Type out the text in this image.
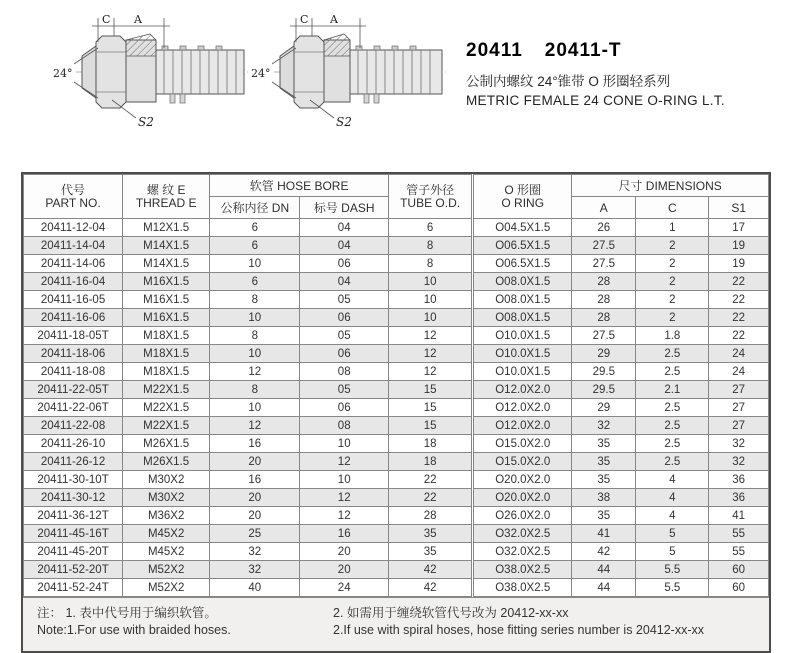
C A
24°
S2
C A
24°
S2
20411 20411-T
公制内螺纹 24°锥带 O 形圈轻系列
METRIC FEMALE 24 CONE O-RING L.T.
代号
PART NO.

螺 纹 E
THREAD E
	软管 HOSE BORE	管子外径
TUBE O.D.

O 形圈
O RING
	尺寸 DIMENSIONS
		公称内径 DN	标号 DASH			A	C	S1
20411-12-04	M12X1.5	6	04	6	O04.5X1.5	26	1	17
20411-14-04	M14X1.5	6	04	8	O06.5X1.5	27.5	2	19
20411-14-06	M14X1.5	10	06	8	O06.5X1.5	27.5	2	19
20411-16-04	M16X1.5	6	04	10	O08.0X1.5	28	2	22
20411-16-05	M16X1.5	8	05	10	O08.0X1.5	28	2	22
20411-16-06	M16X1.5	10	06	10	O08.0X1.5	28	2	22
20411-18-05T	M18X1.5	8	05	12	O10.0X1.5	27.5	1.8	22
20411-18-06	M18X1.5	10	06	12	O10.0X1.5	29	2.5	24
20411-18-08	M18X1.5	12	08	12	O10.0X1.5	29.5	2.5	24
20411-22-05T	M22X1.5	8	05	15	O12.0X2.0	29.5	2.1	27
20411-22-06T	M22X1.5	10	06	15	O12.0X2.0	29	2.5	27
20411-22-08	M22X1.5	12	08	15	O12.0X2.0	32	2.5	27
20411-26-10	M26X1.5	16	10	18	O15.0X2.0	35	2.5	32
20411-26-12	M26X1.5	20	12	18	O15.0X2.0	35	2.5	32
20411-30-10T	M30X2	16	10	22	O20.0X2.0	35	4	36
20411-30-12	M30X2	20	12	22	O20.0X2.0	38	4	36
20411-36-12T	M36X2	20	12	28	O26.0X2.0	35	4	41
20411-45-16T	M45X2	25	16	35	O32.0X2.5	41	5	55
20411-45-20T	M45X2	32	20	35	O32.0X2.5	42	5	55
20411-52-20T	M52X2	32	20	42	O38.0X2.5	44	5.5	60
20411-52-24T	M52X2	40	24	42	O38.0X2.5	44	5.5	60
注： 1. 表中代号用于编织软管。	2. 如需用于缠绕软管代号改为 20412-xx-xx
Note:1.For use with braided hoses.	2.If use with spiral hoses, hose fitting series number is 20412-xx-xx
